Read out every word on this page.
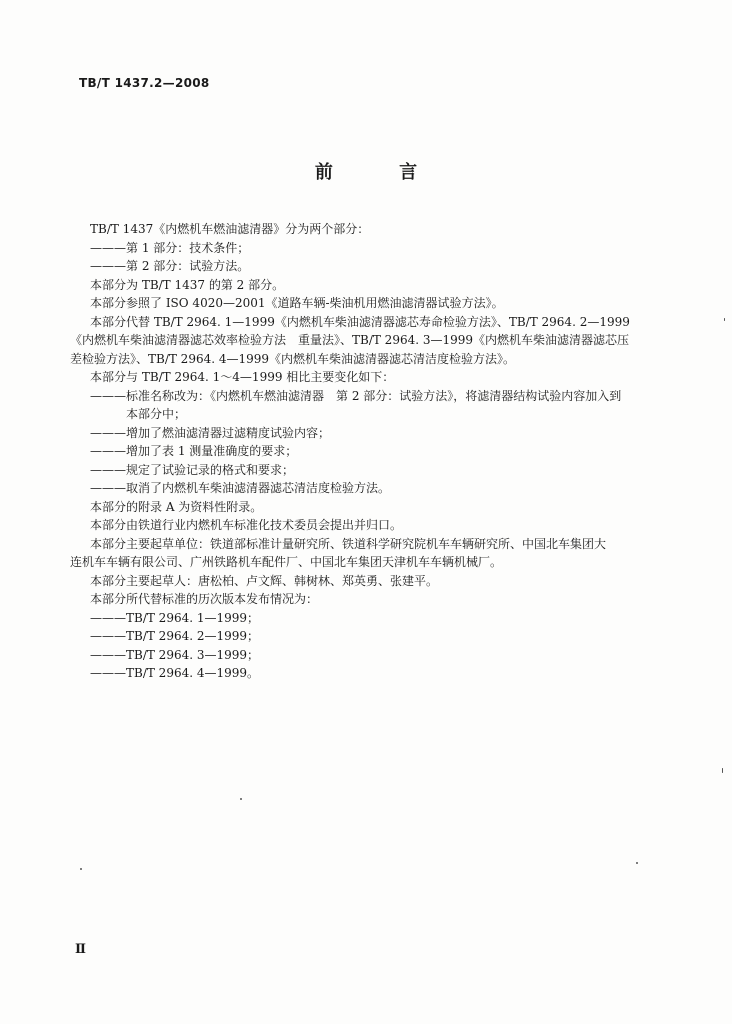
TB/T 1437.2—2008
前 言
TB/T 1437《内燃机车燃油滤清器》分为两个部分：
———第 1 部分：技术条件；
———第 2 部分：试验方法。
本部分为 TB/T 1437 的第 2 部分。
本部分参照了 ISO 4020—2001《道路车辆-柴油机用燃油滤清器试验方法》。
本部分代替 TB/T 2964. 1—1999《内燃机车柴油滤清器滤芯寿命检验方法》、TB/T 2964. 2—1999
《内燃机车柴油滤清器滤芯效率检验方法　重量法》、TB/T 2964. 3—1999《内燃机车柴油滤清器滤芯压
差检验方法》、TB/T 2964. 4—1999《内燃机车柴油滤清器滤芯清洁度检验方法》。
本部分与 TB/T 2964. 1～4—1999 相比主要变化如下：
———标准名称改为：《内燃机车燃油滤清器　第 2 部分：试验方法》，将滤清器结构试验内容加入到
本部分中；
———增加了燃油滤清器过滤精度试验内容；
———增加了表 1 测量准确度的要求；
———规定了试验记录的格式和要求；
———取消了内燃机车柴油滤清器滤芯清洁度检验方法。
本部分的附录 A 为资料性附录。
本部分由铁道行业内燃机车标准化技术委员会提出并归口。
本部分主要起草单位：铁道部标准计量研究所、铁道科学研究院机车车辆研究所、中国北车集团大
连机车车辆有限公司、广州铁路机车配件厂、中国北车集团天津机车车辆机械厂。
本部分主要起草人：唐松柏、卢文辉、韩树林、郑英勇、张建平。
本部分所代替标准的历次版本发布情况为：
———TB/T 2964. 1—1999；
———TB/T 2964. 2—1999；
———TB/T 2964. 3—1999；
———TB/T 2964. 4—1999。
Ⅱ
